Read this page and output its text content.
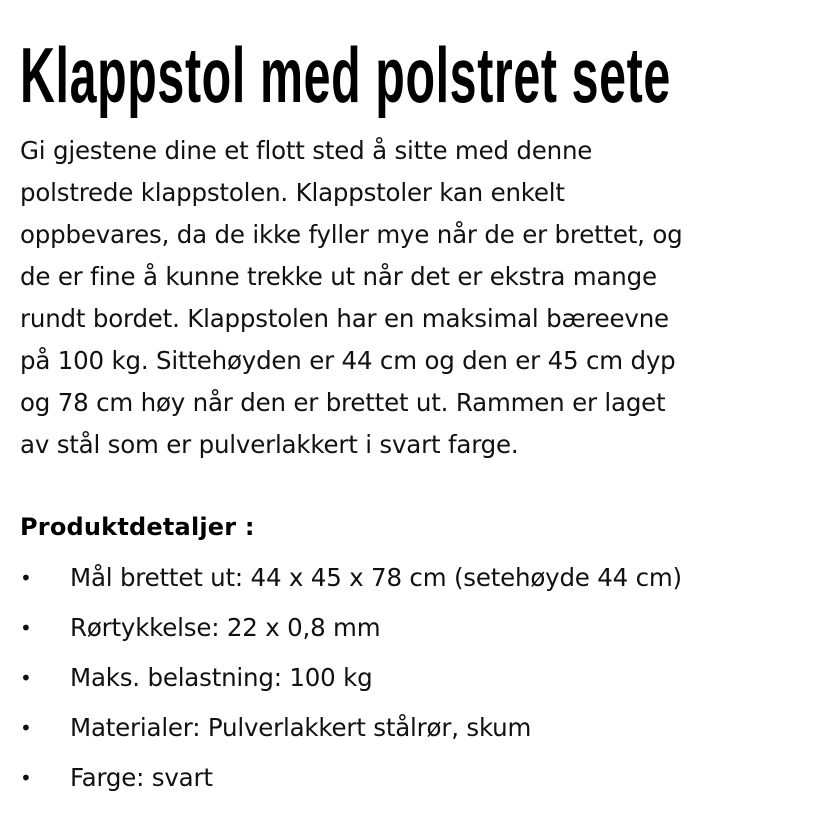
Klappstol med polstret sete

Gi gjestene dine et flott sted å sitte med denne
polstrede klappstolen. Klappstoler kan enkelt
oppbevares, da de ikke fyller mye når de er brettet, og
de er fine å kunne trekke ut når det er ekstra mange
rundt bordet. Klappstolen har en maksimal bæreevne
på 100 kg. Sittehøyden er 44 cm og den er 45 cm dyp
og 78 cm høy når den er brettet ut. Rammen er laget
av stål som er pulverlakkert i svart farge.

Produktdetaljer :
•	Mål brettet ut: 44 x 45 x 78 cm (setehøyde 44 cm)
•	Rørtykkelse: 22 x 0,8 mm
•	Maks. belastning: 100 kg
•	Materialer: Pulverlakkert stålrør, skum
•	Farge: svart
